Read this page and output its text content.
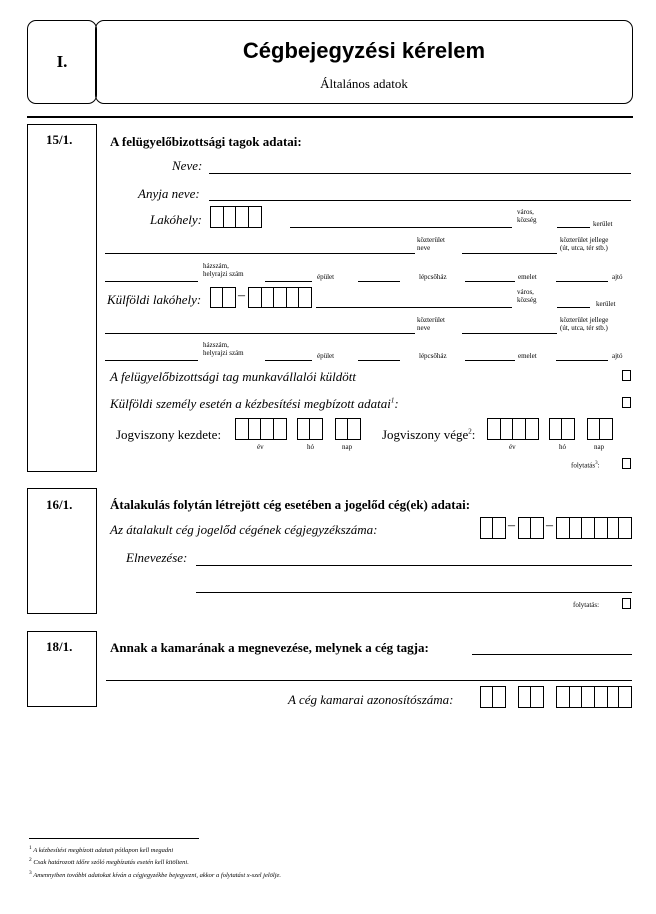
I.	Cégbejegyzési kérelem
Általános adatok
15/1.	A felügyelőbizottsági tagok adatai:
Neve:
Anyja neve:
Lakóhely:	város,
község	kerület
közterület
neve
közterület jellege
(út, utca, tér stb.)
házszám,
helyrajzi szám	épület	lépcsőház	emelet	ajtó
Külföldi lakóhely:	–	város,
község	kerület
közterület
neve
közterület jellege
(út, utca, tér stb.)
házszám,
helyrajzi szám	épület	lépcsőház	emelet	ajtó
A felügyelőbizottsági tag munkavállalói küldött
Külföldi személy esetén a kézbesítési megbízott adatai$^1$:
Jogviszony kezdete:
év	hó	nap
Jogviszony vége$^2$:
év	hó	nap
folytatás$^3$:
16/1.	Átalakulás folytán létrejött cég esetében a jogelőd cég(ek) adatai:
Az átalakult cég jogelőd cégének cégjegyzékszáma:	– –
Elnevezése:
folytatás:
18/1.	Annak a kamarának a megnevezése, melynek a cég tagja:
A cég kamarai azonosítószáma:
$^1$ A kézbesítési megbízott adatait pótlapon kell megadni
$^2$ Csak határozott időre szóló megbízatás esetén kell kitölteni.
$^3$ Amennyiben további adatokat kíván a cégjegyzékbe bejegyezni, akkor a folytatást x-szel jelölje.
